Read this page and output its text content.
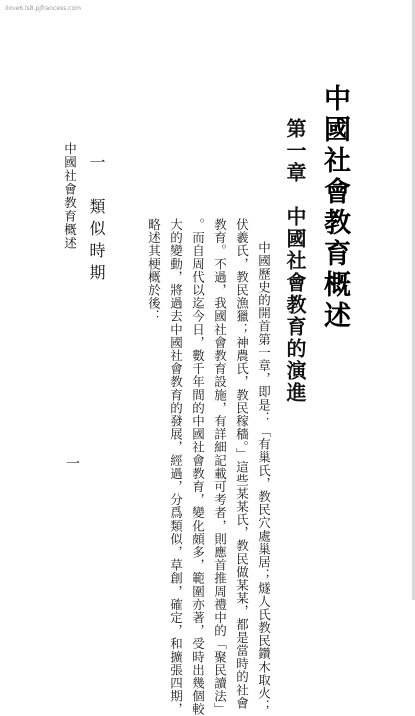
ilove6.ls8.pjfrancess.com
中國社會教育概述
第一章　中國社會教育的演進
　中國歷史的開首第一章，即是：「有巢氏，教民穴處巢居；燧人氏教民鑽木取火；
伏羲氏，教民漁獵；神農氏，教民稼穡。」這些某某氏，教民做某某，都是當時的社會
教育。不過，我國社會教育設施，有詳細記載可考者，則應首推周禮中的「聚民讀法」
。而自周代以迄今日，數千年間的中國社會教育，變化頗多，範圍亦著，受時出幾個較
大的變動，將過去中國社會教育的發展，經過，分爲類似，草創，確定，和擴張四期，
略述其梗概於後：
一　類似時期
中國社會教育概述
一
